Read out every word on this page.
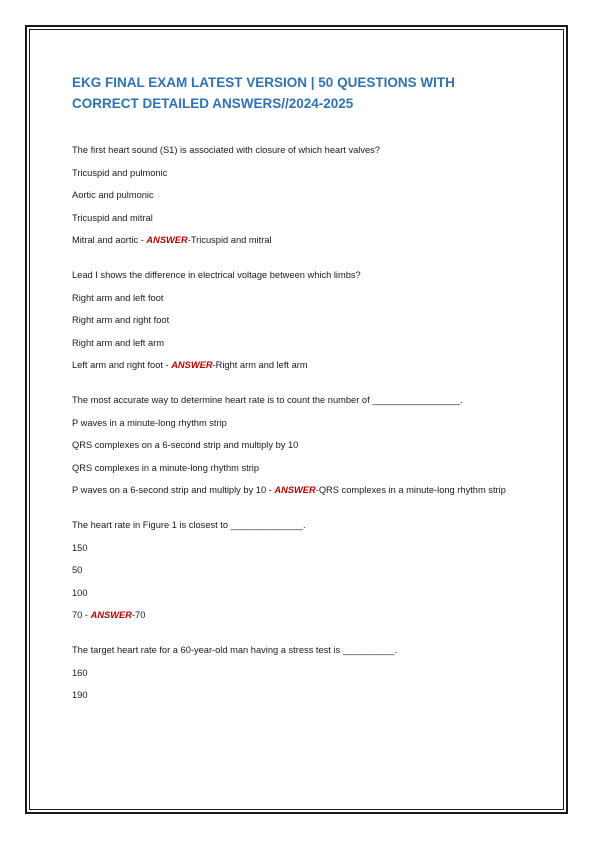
EKG FINAL EXAM LATEST VERSION | 50 QUESTIONS WITH CORRECT DETAILED ANSWERS//2024-2025

The first heart sound (S1) is associated with closure of which heart valves?

Tricuspid and pulmonic

Aortic and pulmonic

Tricuspid and mitral

Mitral and aortic - ANSWER-Tricuspid and mitral

Lead I shows the difference in electrical voltage between which limbs?

Right arm and left foot

Right arm and right foot

Right arm and left arm

Left arm and right foot - ANSWER-Right arm and left arm

The most accurate way to determine heart rate is to count the number of _________________.

P waves in a minute-long rhythm strip

QRS complexes on a 6-second strip and multiply by 10

QRS complexes in a minute-long rhythm strip

P waves on a 6-second strip and multiply by 10 - ANSWER-QRS complexes in a minute-long rhythm strip

The heart rate in Figure 1 is closest to ______________.

150

50

100

70 - ANSWER-70

The target heart rate for a 60-year-old man having a stress test is __________.

160

190
